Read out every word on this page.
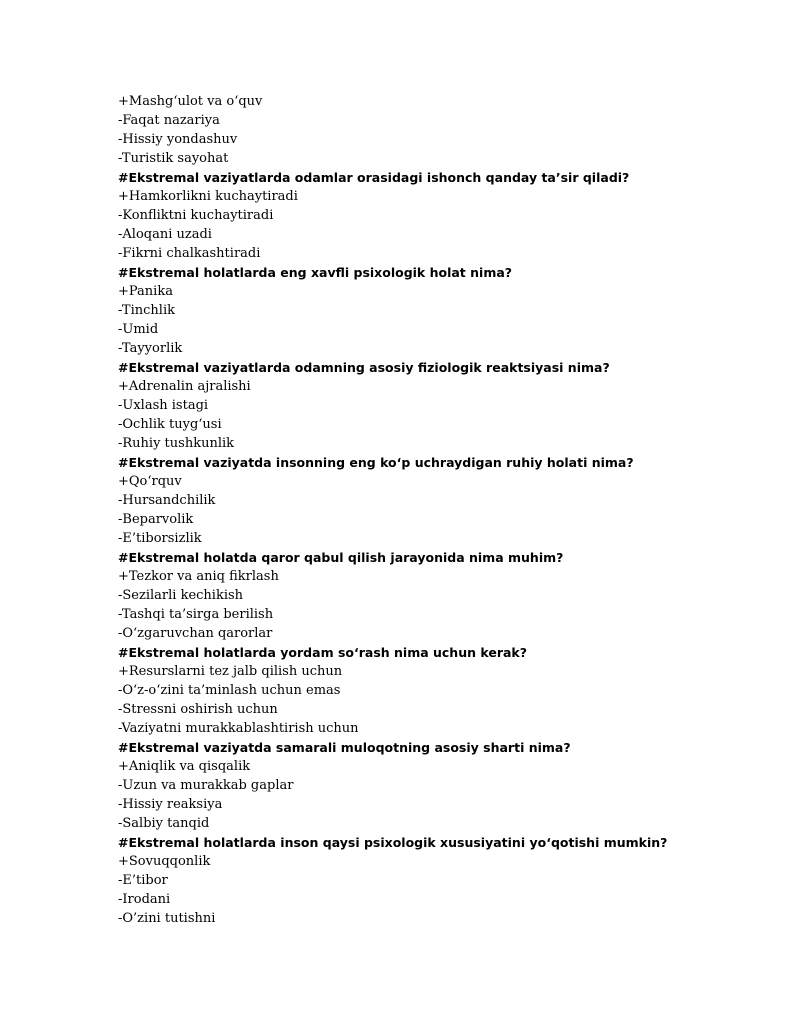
+Mashg‘ulot va o‘quv
-Faqat nazariya
-Hissiy yondashuv
-Turistik sayohat
#Ekstremal vaziyatlarda odamlar orasidagi ishonch qanday ta’sir qiladi?
+Hamkorlikni kuchaytiradi
-Konfliktni kuchaytiradi
-Aloqani uzadi
-Fikrni chalkashtiradi
#Ekstremal holatlarda eng xavfli psixologik holat nima?
+Panika
-Tinchlik
-Umid
-Tayyorlik
#Ekstremal vaziyatlarda odamning asosiy fiziologik reaktsiyasi nima?
+Adrenalin ajralishi
-Uxlash istagi
-Ochlik tuyg‘usi
-Ruhiy tushkunlik
#Ekstremal vaziyatda insonning eng ko‘p uchraydigan ruhiy holati nima?
+Qo‘rquv
-Hursandchilik
-Beparvolik
-E’tiborsizlik
#Ekstremal holatda qaror qabul qilish jarayonida nima muhim?
+Tezkor va aniq fikrlash
-Sezilarli kechikish
-Tashqi ta’sirga berilish
-O‘zgaruvchan qarorlar
#Ekstremal holatlarda yordam so‘rash nima uchun kerak?
+Resurslarni tez jalb qilish uchun
-O‘z-o‘zini ta’minlash uchun emas
-Stressni oshirish uchun
-Vaziyatni murakkablashtirish uchun
#Ekstremal vaziyatda samarali muloqotning asosiy sharti nima?
+Aniqlik va qisqalik
-Uzun va murakkab gaplar
-Hissiy reaksiya
-Salbiy tanqid
#Ekstremal holatlarda inson qaysi psixologik xususiyatini yo‘qotishi mumkin?
+Sovuqqonlik
-E’tibor
-Irodani
-O’zini tutishni
